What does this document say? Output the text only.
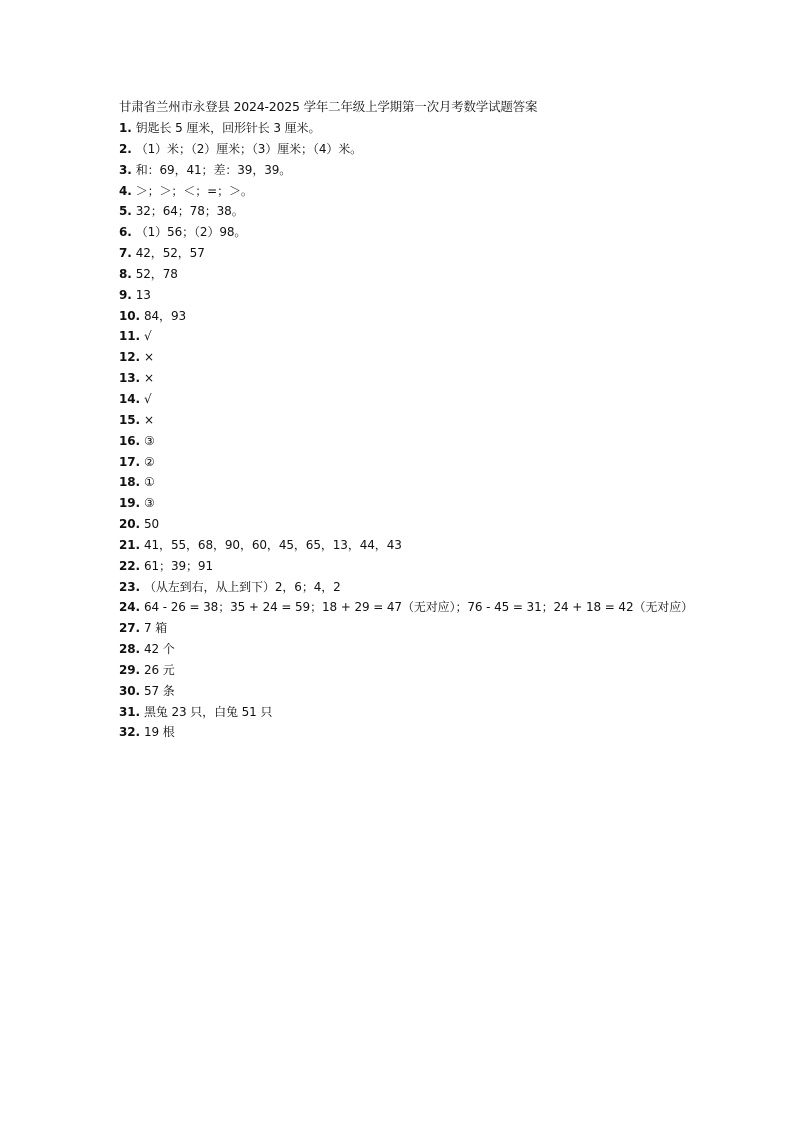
甘肃省兰州市永登县 2024-2025 学年二年级上学期第一次月考数学试题答案
1. 钥匙长 5 厘米，回形针长 3 厘米。
2. （1）米；（2）厘米；（3）厘米；（4）米。
3. 和：69，41；差：39，39。
4. ＞；＞；＜；=；＞。
5. 32；64；78；38。
6. （1）56；（2）98。
7. 42，52，57
8. 52，78
9. 13
10. 84，93
11. √
12. ×
13. ×
14. √
15. ×
16. ③
17. ②
18. ①
19. ③
20. 50
21. 41，55，68，90，60，45，65，13，44，43
22. 61；39；91
23. （从左到右，从上到下）2，6；4，2
24. 64 - 26 = 38；35 + 24 = 59；18 + 29 = 47（无对应）；76 - 45 = 31；24 + 18 = 42（无对应）
27. 7 箱
28. 42 个
29. 26 元
30. 57 条
31. 黑兔 23 只，白兔 51 只
32. 19 根
